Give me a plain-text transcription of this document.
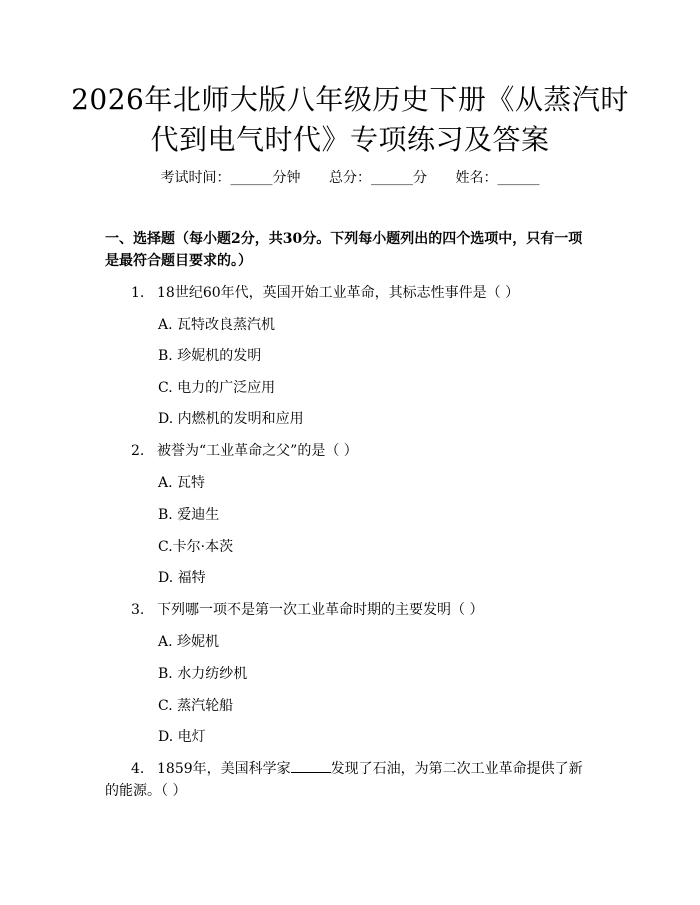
2026年北师大版八年级历史下册《从蒸汽时
代到电气时代》专项练习及答案
考试时间：______分钟 总分：______分 姓名：______
一、选择题（每小题2分，共30分。下列每小题列出的四个选项中，只有一项是最符合题目要求的。）
1. 18世纪60年代，英国开始工业革命，其标志性事件是（ ）
A. 瓦特改良蒸汽机
B. 珍妮机的发明
C. 电力的广泛应用
D. 内燃机的发明和应用
2. 被誉为“工业革命之父”的是（ ）
A. 瓦特
B. 爱迪生
C.卡尔·本茨
D. 福特
3. 下列哪一项不是第一次工业革命时期的主要发明（ ）
A. 珍妮机
B. 水力纺纱机
C. 蒸汽轮船
D. 电灯
4. 1859年，美国科学家	发现了石油，为第二次工业革命提供了新的能源。（ ）
